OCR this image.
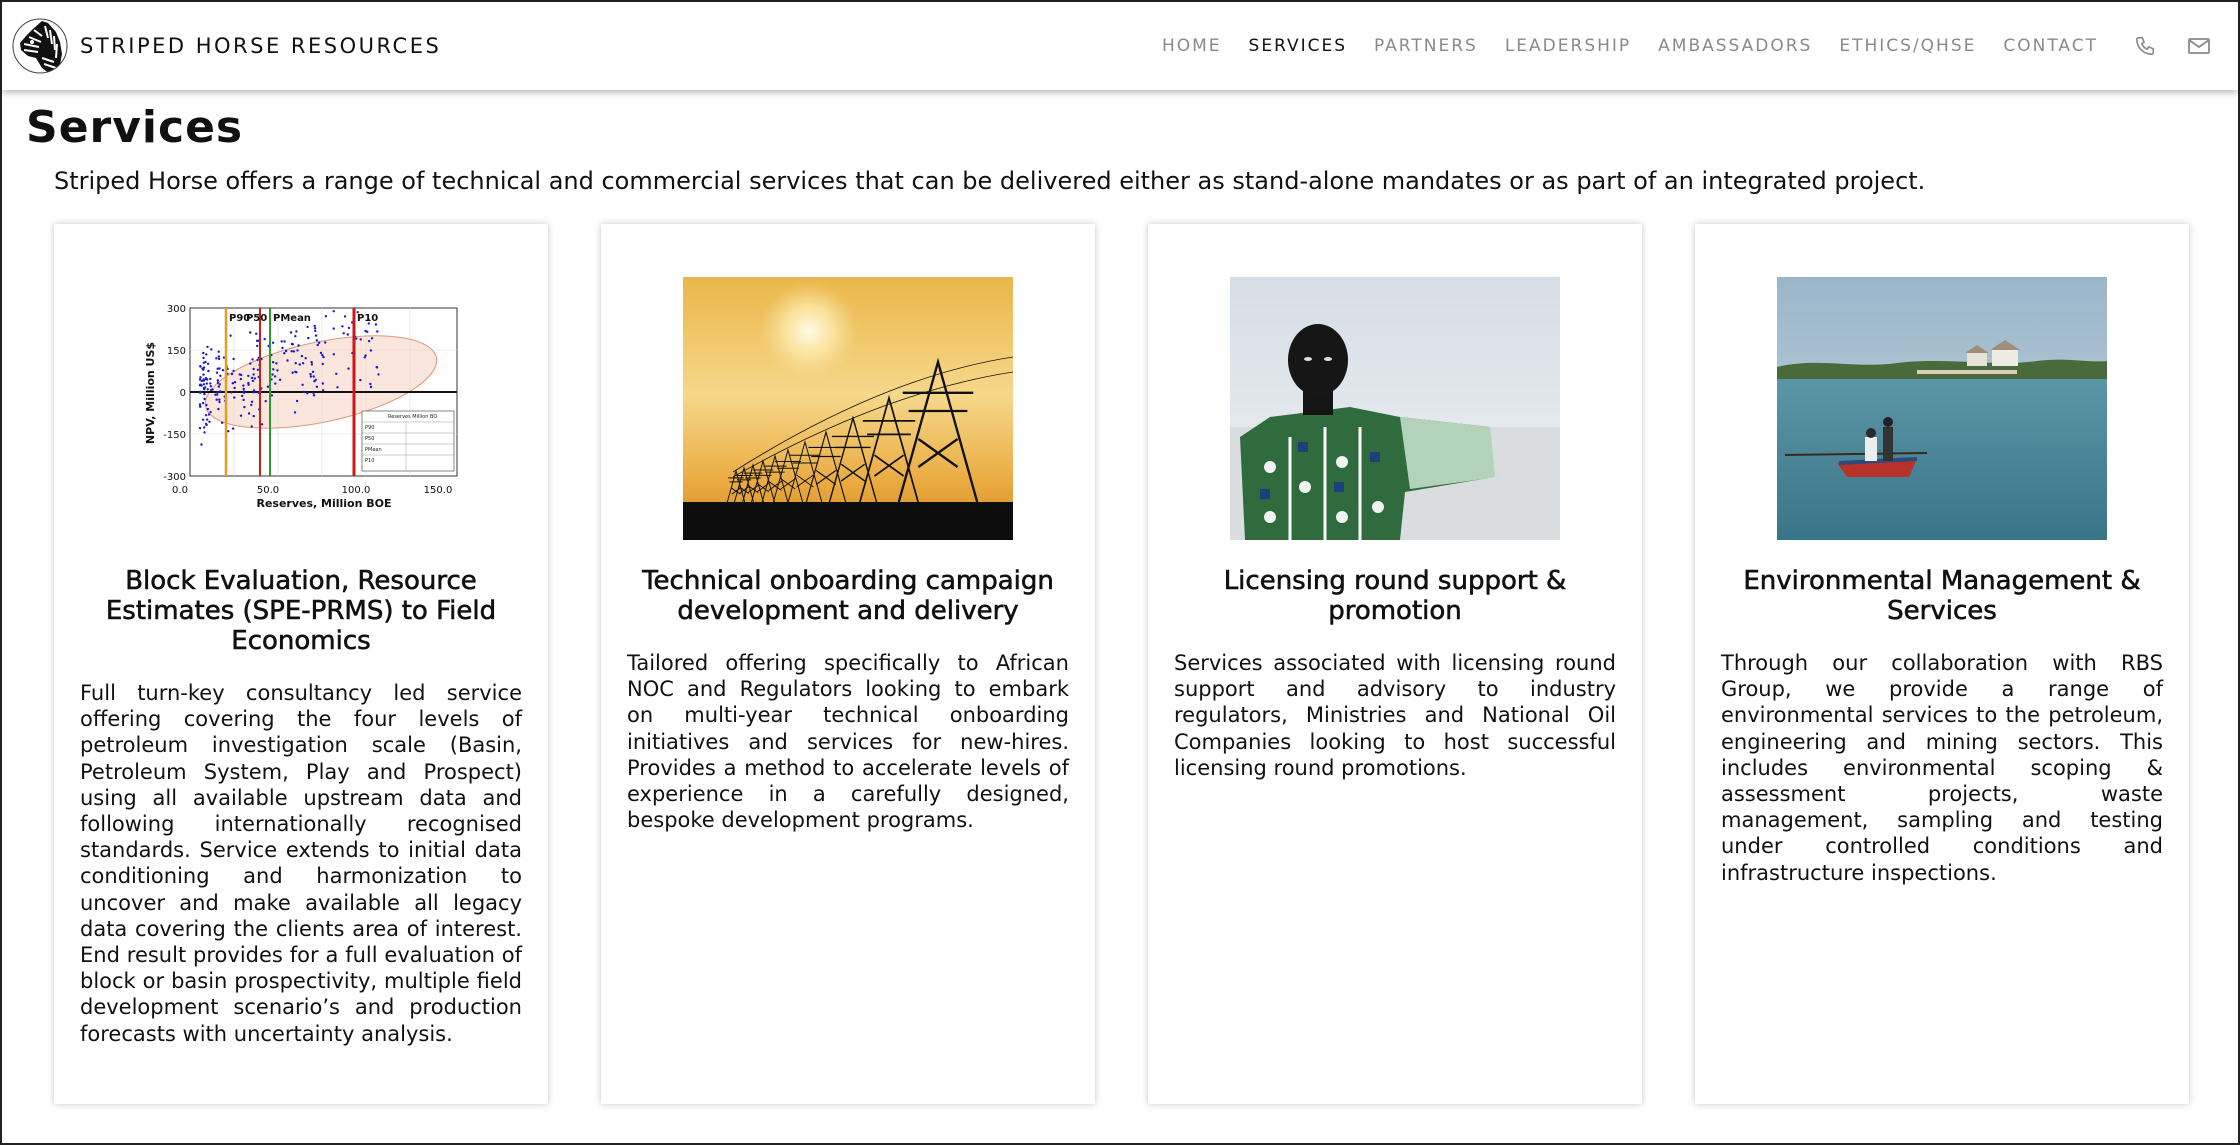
STRIPED HORSE RESOURCES	HOME SERVICES PARTNERS LEADERSHIP AMBASSADORS ETHICS/QHSE CONTACT
Services

Striped Horse offers a range of technical and commercial services that can be delivered either as stand-alone mandates or as part of an integrated project.

P90
P50 PMean	P10
Reserves Million BO
P90
P50
PMean
P10
300
150
0
-150
-300
0.0	50.0	100.0	150.0
Reserves, Million BOE
NPV, Million US$
Block Evaluation, Resource Estimates (SPE-PRMS) to Field Economics

Full turn-key consultancy led service offering covering the four levels of petroleum investigation scale (Basin, Petroleum System, Play and Prospect) using all available upstream data and following internationally recognised standards. Service extends to initial data conditioning and harmonization to uncover and make available all legacy data covering the clients area of interest. End result provides for a full evaluation of block or basin prospectivity, multiple field development scenario’s and production forecasts with uncertainty analysis.

Technical onboarding campaign development and delivery

Tailored offering specifically to African NOC and Regulators looking to embark on multi-year technical onboarding initiatives and services for new-hires. Provides a method to accelerate levels of experience in a carefully designed, bespoke development programs.

Licensing round support & promotion

Services associated with licensing round support and advisory to industry regulators, Ministries and National Oil Companies looking to host successful licensing round promotions.

Environmental Management & Services

Through our collaboration with RBS Group, we provide a range of environmental services to the petroleum, engineering and mining sectors. This includes environmental scoping & assessment projects, waste management, sampling and testing under controlled conditions and infrastructure inspections.
